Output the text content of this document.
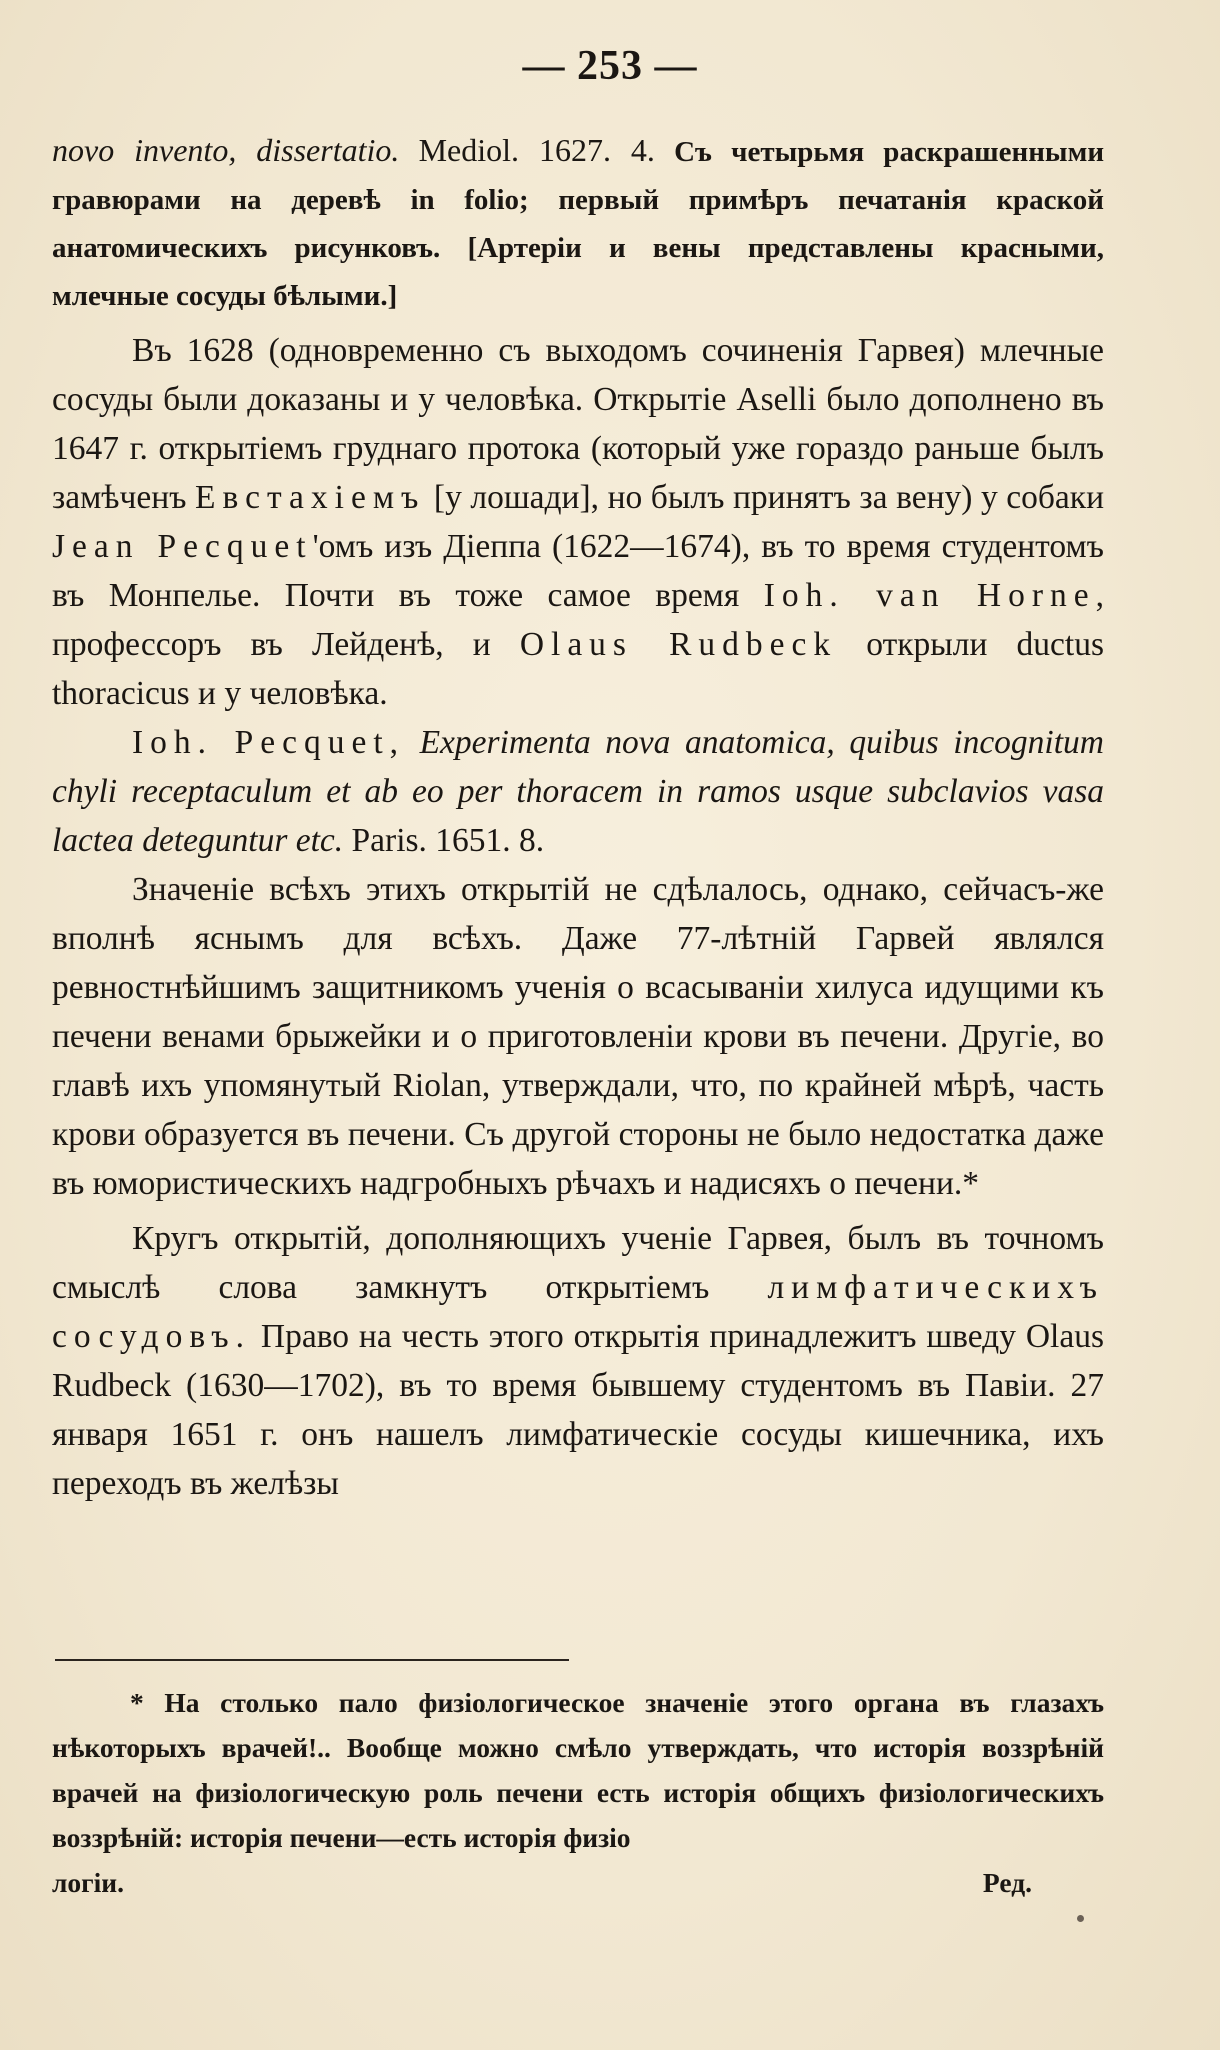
— 253 —

novo invento, dissertatio. Mediol. 1627. 4. Съ четырьмя раскрашенными гравюрами на деревѣ in folio; первый примѣръ печатанія краской анатомическихъ рисунковъ. [Артеріи и вены представлены красными, млечные сосуды бѣлыми.]

Въ 1628 (одновременно съ выходомъ сочиненія Гарвея) млечные сосуды были доказаны и у человѣка. Открытіе Aselli было дополнено въ 1647 г. открытіемъ груднаго протока (который уже гораздо раньше былъ замѣченъ Евстахіемъ [у лошади], но былъ принятъ за вену) у собаки Jean Pecquet'омъ изъ Діеппа (1622—1674), въ то время студентомъ въ Монпелье. Почти въ тоже самое время Ioh. van Horne, профессоръ въ Лейденѣ, и Olaus Rudbeck открыли ductus thoracicus и у человѣка.

Ioh. Pecquet, Experimenta nova anatomica, quibus incognitum chyli receptaculum et ab eo per thoracem in ramos usque subclavios vasa lactea deteguntur etc. Paris. 1651. 8.

Значеніе всѣхъ этихъ открытій не сдѣлалось, однако, сейчасъ-же вполнѣ яснымъ для всѣхъ. Даже 77-лѣтній Гарвей являлся ревностнѣйшимъ защитникомъ ученія о всасываніи хилуса идущими къ печени венами брыжейки и о приготовленіи крови въ печени. Другіе, во главѣ ихъ упомянутый Riolan, утверждали, что, по крайней мѣрѣ, часть крови образуется въ печени. Съ другой стороны не было недостатка даже въ юмористическихъ надгробныхъ рѣчахъ и надисяхъ о печени.*

Кругъ открытій, дополняющихъ ученіе Гарвея, былъ въ точномъ смыслѣ слова замкнутъ открытіемъ лимфатическихъ сосудовъ. Право на честь этого открытія принадлежитъ шведу Olaus Rudbeck (1630—1702), въ то время бывшему студентомъ въ Павіи. 27 января 1651 г. онъ нашелъ лимфатическіе сосуды кишечника, ихъ переходъ въ желѣзы

* На столько пало физіологическое значеніе этого органа въ глазахъ нѣкоторыхъ врачей!.. Вообще можно смѣло утверждать, что исторія воззрѣній врачей на физіологическую роль печени есть исторія общихъ физіологическихъ воззрѣній: исторія печени—есть исторія физіо

логіи.	Ред.
